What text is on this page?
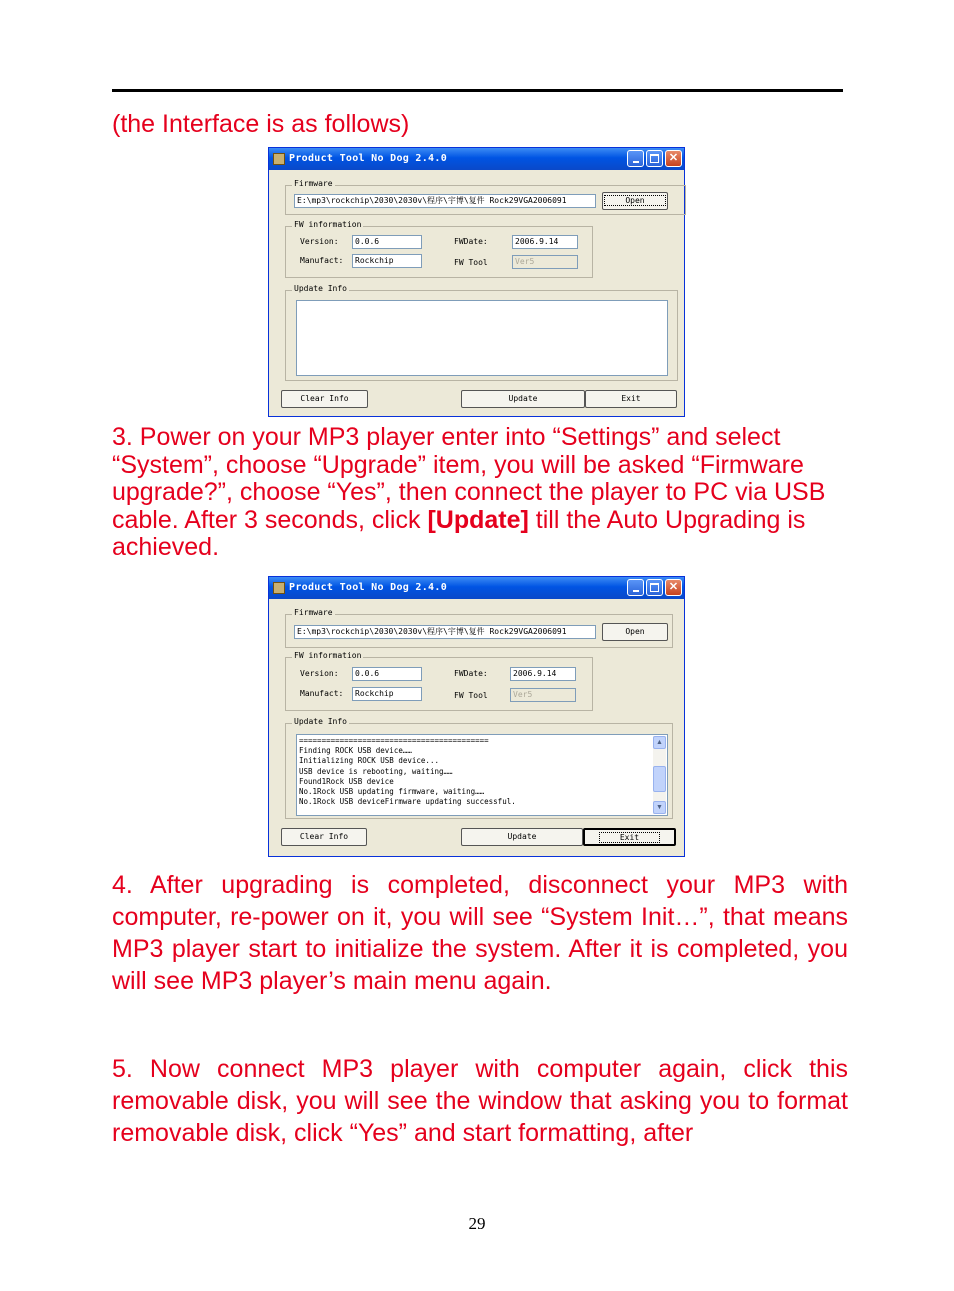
(the Interface is as follows)
Product Tool No Dog 2.4.0	✕
Firmware
E:\mp3\rockchip\2030\2030v\程序\宇博\复件 Rock29VGA2006091	Open
FW information
Version:	0.0.6
Manufact:	Rockchip
FWDate:	2006.9.14
FW Tool	Ver5
Update Info
Clear Info	Update	Exit
3. Power on your MP3 player enter into “Settings” and select “System”, choose “Upgrade” item, you will be asked “Firmware upgrade?”, choose “Yes”, then connect the player to PC via USB cable. After 3 seconds, click [Update] till the Auto Upgrading is achieved.
Product Tool No Dog 2.4.0	✕
Firmware
E:\mp3\rockchip\2030\2030v\程序\宇博\复件 Rock29VGA2006091	Open
FW information
Version:	0.0.6
Manufact:	Rockchip
FWDate:	2006.9.14
FW Tool	Ver5
Update Info
==========================================
Finding ROCK USB device……
Initializing ROCK USB device...
USB device is rebooting, waiting……
Found1Rock USB device
No.1Rock USB updating firmware, waiting……
No.1Rock USB deviceFirmware updating successful.
▲
▼
Clear Info	Update	Exit
4. After upgrading is completed, disconnect your MP3 with computer, re-power on it, you will see “System Init…”, that means MP3 player start to initialize the system. After it is completed, you will see MP3 player’s main menu again.
5. Now connect MP3 player with computer again, click this removable disk, you will see the window that asking you to format removable disk, click “Yes” and start formatting, after
29
